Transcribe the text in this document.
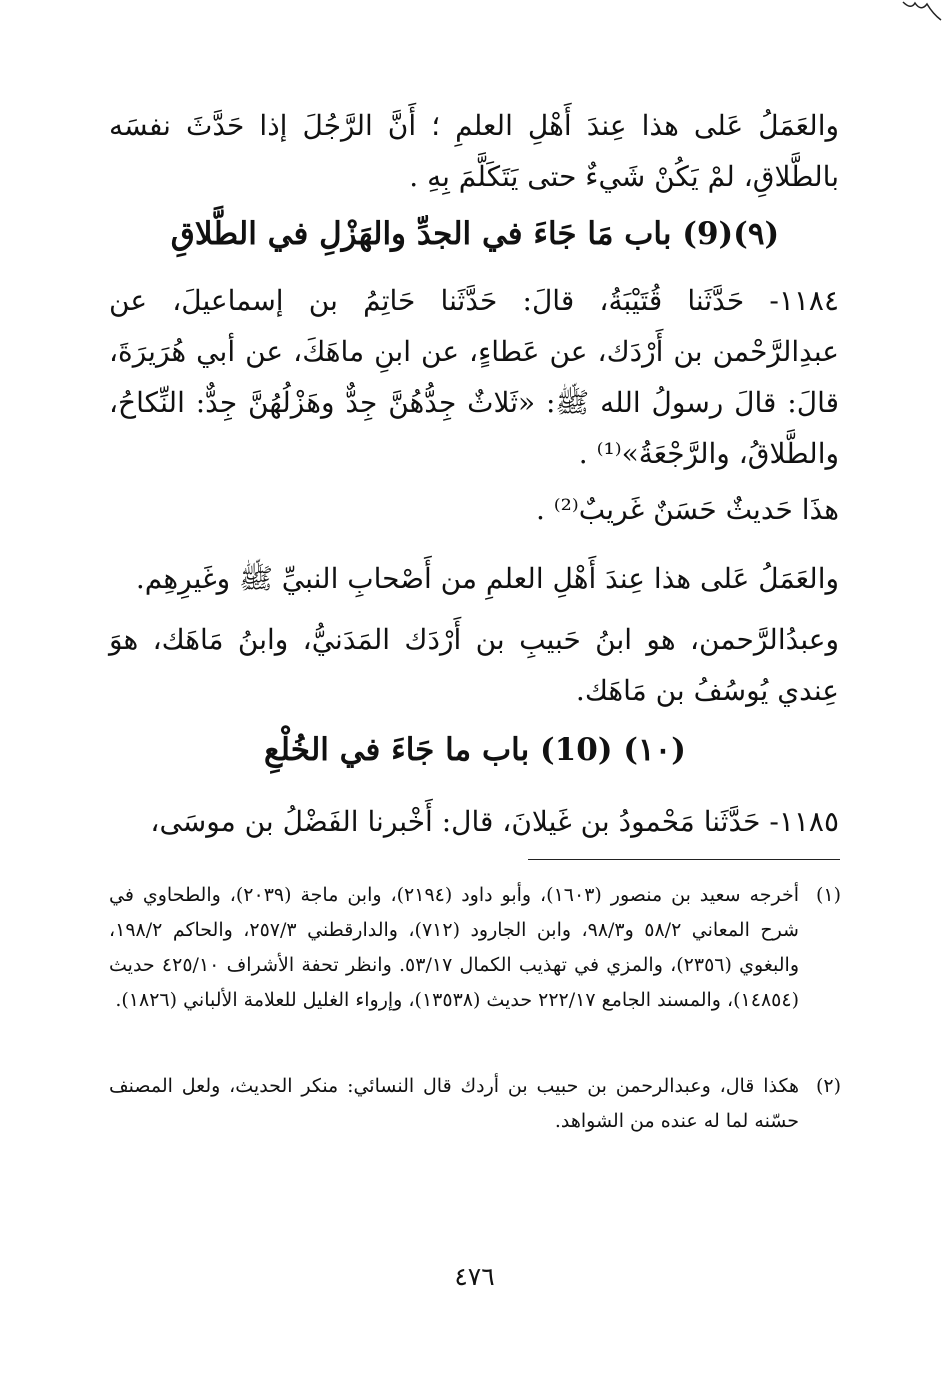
والعَمَلُ عَلى هذا عِندَ أَهْلِ العلمِ ؛ أَنَّ الرَّجُلَ إذا حَدَّثَ نفسَه بالطَّلاقِ، لمْ يَكُنْ شَيءٌ حتى يَتَكَلَّمَ بِهِ .

(٩)(9) باب مَا جَاءَ في الجدِّ والهَزْلِ في الطَّلاقِ

١١٨٤- حَدَّثَنا قُتَيْبَةُ، قالَ: حَدَّثَنا حَاتِمُ بن إسماعيلَ، عن عبدِالرَّحْمن بن أَرْدَك، عن عَطاءٍ، عن ابنِ ماهَكَ، عن أبي هُرَيرَةَ، قالَ: قالَ رسولُ الله ﷺ: «ثَلاثٌ جِدُّهُنَّ جِدٌّ وهَزْلُهُنَّ جِدٌّ: النِّكاحُ، والطَّلاقُ، والرَّجْعَةُ»⁽¹⁾ .

هذَا حَديثٌ حَسَنٌ غَريبٌ⁽²⁾ .

والعَمَلُ عَلى هذا عِندَ أَهْلِ العلمِ من أَصْحابِ النبيِّ ﷺ وغَيرِهِم.

وعبدُالرَّحمن، هو ابنُ حَبيبِ بن أَرْدَك المَدَنيُّ، وابنُ مَاهَك، هوَ عِندي يُوسُفُ بن مَاهَك.

(١٠) (10) باب ما جَاءَ في الخُلْعِ

١١٨٥- حَدَّثَنا مَحْمودُ بن غَيلانَ، قال: أَخْبرنا الفَضْلُ بن موسَى،

(١)
أخرجه سعيد بن منصور (١٦٠٣)، وأبو داود (٢١٩٤)، وابن ماجة (٢٠٣٩)، والطحاوي في شرح المعاني ٥٨/٢ و٩٨/٣، وابن الجارود (٧١٢)، والدارقطني ٢٥٧/٣، والحاكم ١٩٨/٢، والبغوي (٢٣٥٦)، والمزي في تهذيب الكمال ٥٣/١٧. وانظر تحفة الأشراف ٤٢٥/١٠ حديث (١٤٨٥٤)، والمسند الجامع ٢٢٢/١٧ حديث (١٣٥٣٨)، وإرواء الغليل للعلامة الألباني (١٨٢٦).
(٢)
هكذا قال، وعبدالرحمن بن حبيب بن أردك قال النسائي: منكر الحديث، ولعل المصنف حسّنه لما له عنده من الشواهد.

٤٧٦
